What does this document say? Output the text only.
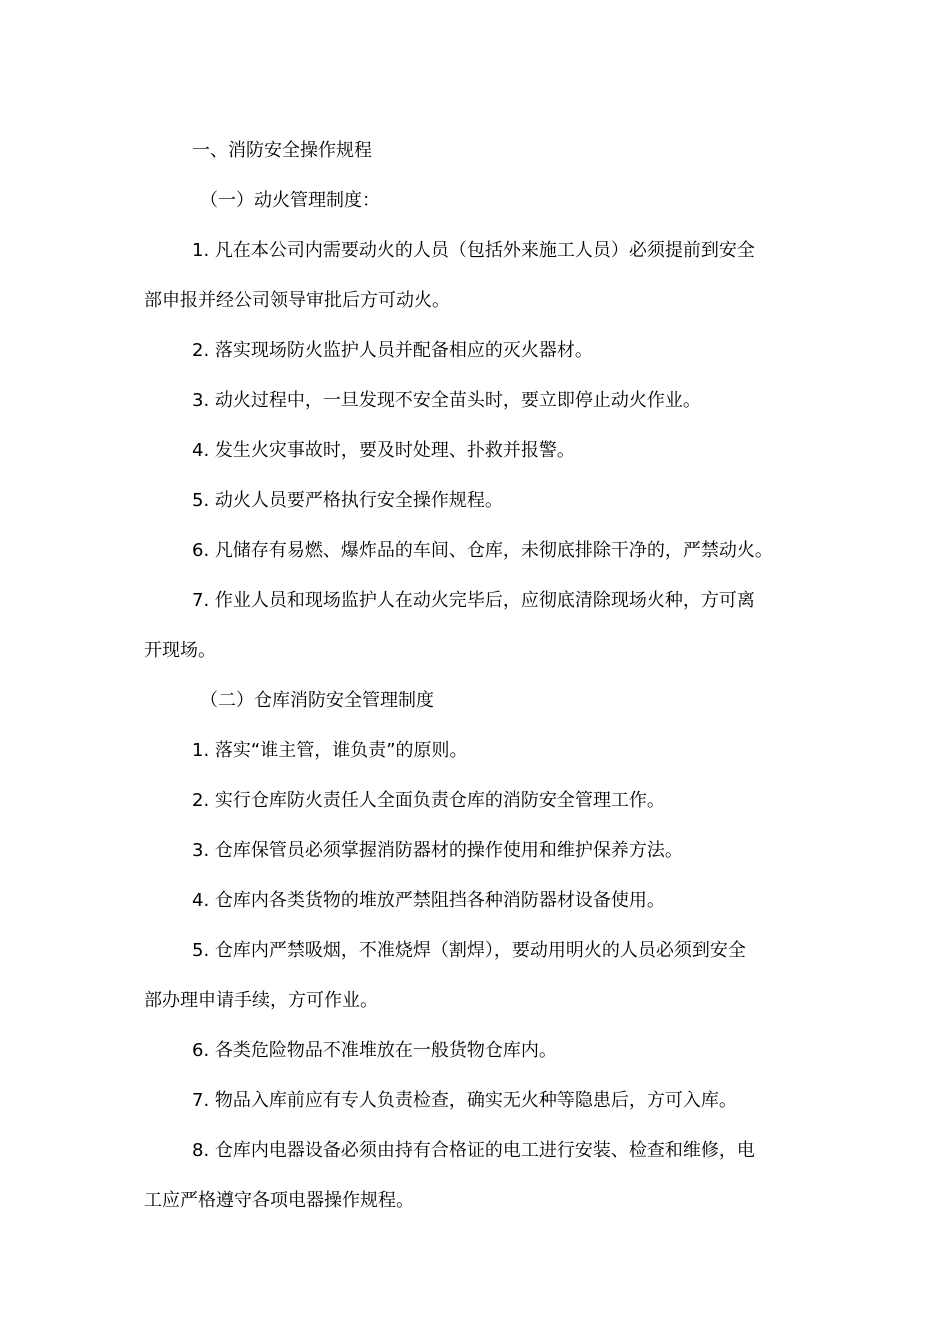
一、消防安全操作规程
（一）动火管理制度：
1. 凡在本公司内需要动火的人员（包括外来施工人员）必须提前到安全
部申报并经公司领导审批后方可动火。
2. 落实现场防火监护人员并配备相应的灭火器材。
3. 动火过程中，一旦发现不安全苗头时，要立即停止动火作业。
4. 发生火灾事故时，要及时处理、扑救并报警。
5. 动火人员要严格执行安全操作规程。
6. 凡储存有易燃、爆炸品的车间、仓库，未彻底排除干净的，严禁动火。
7. 作业人员和现场监护人在动火完毕后，应彻底清除现场火种，方可离
开现场。
（二）仓库消防安全管理制度
1. 落实“谁主管，谁负责”的原则。
2. 实行仓库防火责任人全面负责仓库的消防安全管理工作。
3. 仓库保管员必须掌握消防器材的操作使用和维护保养方法。
4. 仓库内各类货物的堆放严禁阻挡各种消防器材设备使用。
5. 仓库内严禁吸烟，不准烧焊（割焊），要动用明火的人员必须到安全
部办理申请手续，方可作业。
6. 各类危险物品不准堆放在一般货物仓库内。
7. 物品入库前应有专人负责检查，确实无火种等隐患后，方可入库。
8. 仓库内电器设备必须由持有合格证的电工进行安装、检查和维修，电
工应严格遵守各项电器操作规程。
